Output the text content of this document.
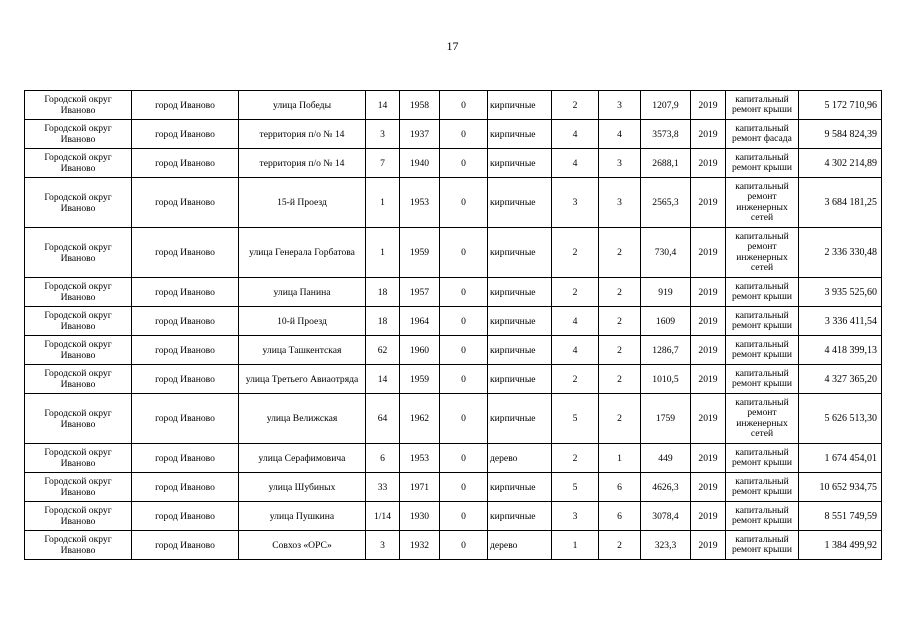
17
Городской округ Иваново	город Иваново	улица Победы	14	1958	0	кирпичные	2	3	1207,9	2019	капитальный ремонт крыши	5 172 710,96
Городской округ Иваново	город Иваново	территория п/о № 14	3	1937	0	кирпичные	4	4	3573,8	2019	капитальный ремонт фасада	9 584 824,39
Городской округ Иваново	город Иваново	территория п/о № 14	7	1940	0	кирпичные	4	3	2688,1	2019	капитальный ремонт крыши	4 302 214,89
Городской округ Иваново	город Иваново	15-й Проезд	1	1953	0	кирпичные	3	3	2565,3	2019	капитальный ремонт инженерных сетей	3 684 181,25
Городской округ Иваново	город Иваново	улица Генерала Горбатова	1	1959	0	кирпичные	2	2	730,4	2019	капитальный ремонт инженерных сетей	2 336 330,48
Городской округ Иваново	город Иваново	улица Панина	18	1957	0	кирпичные	2	2	919	2019	капитальный ремонт крыши	3 935 525,60
Городской округ Иваново	город Иваново	10-й Проезд	18	1964	0	кирпичные	4	2	1609	2019	капитальный ремонт крыши	3 336 411,54
Городской округ Иваново	город Иваново	улица Ташкентская	62	1960	0	кирпичные	4	2	1286,7	2019	капитальный ремонт крыши	4 418 399,13
Городской округ Иваново	город Иваново	улица Третьего Авиаотряда	14	1959	0	кирпичные	2	2	1010,5	2019	капитальный ремонт крыши	4 327 365,20
Городской округ Иваново	город Иваново	улица Велижская	64	1962	0	кирпичные	5	2	1759	2019	капитальный ремонт инженерных сетей	5 626 513,30
Городской округ Иваново	город Иваново	улица Серафимовича	6	1953	0	дерево	2	1	449	2019	капитальный ремонт крыши	1 674 454,01
Городской округ Иваново	город Иваново	улица Шубиных	33	1971	0	кирпичные	5	6	4626,3	2019	капитальный ремонт крыши	10 652 934,75
Городской округ Иваново	город Иваново	улица Пушкина	1/14	1930	0	кирпичные	3	6	3078,4	2019	капитальный ремонт крыши	8 551 749,59
Городской округ Иваново	город Иваново	Совхоз «ОРС»	3	1932	0	дерево	1	2	323,3	2019	капитальный ремонт крыши	1 384 499,92
